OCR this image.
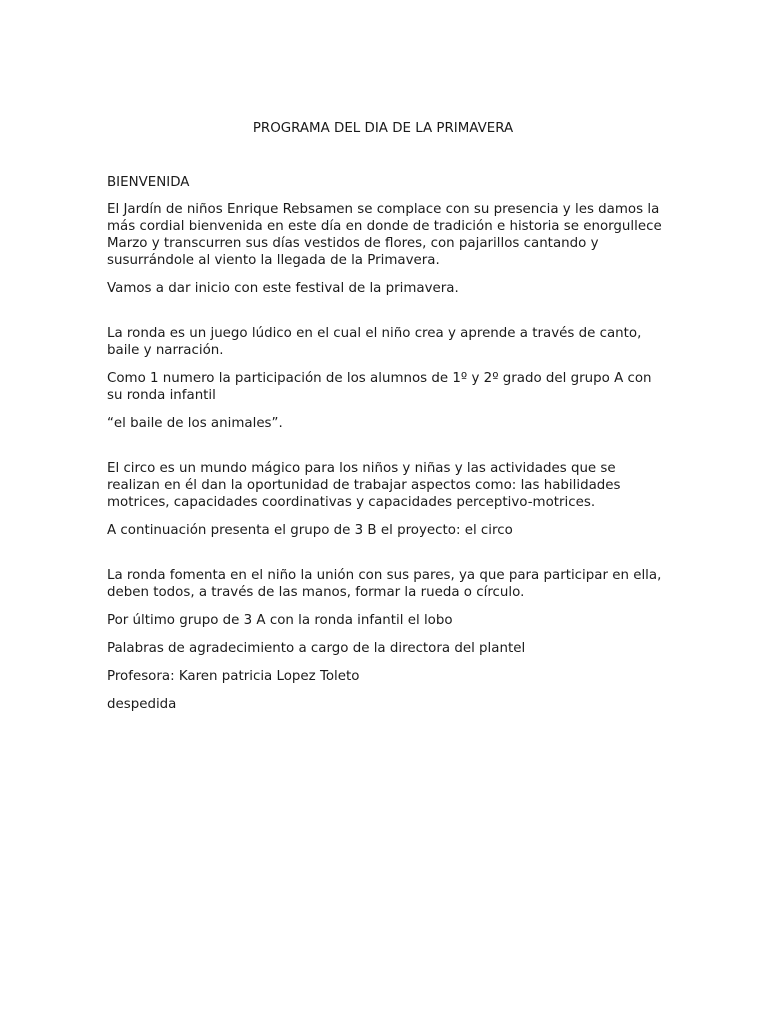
PROGRAMA DEL DIA DE LA PRIMAVERA

BIENVENIDA

El Jardín de niños Enrique Rebsamen se complace con su presencia y les damos la más cordial bienvenida en este día en donde de tradición e historia se enorgullece Marzo y transcurren sus días vestidos de flores, con pajarillos cantando y susurrándole al viento la llegada de la Primavera.

Vamos a dar inicio con este festival de la primavera.

La ronda es un juego lúdico en el cual el niño crea y aprende a través de canto, baile y narración.

Como 1 numero la participación de los alumnos de 1º y 2º grado del grupo A con su ronda infantil

“el baile de los animales”.

El circo es un mundo mágico para los niños y niñas y las actividades que se realizan en él dan la oportunidad de trabajar aspectos como: las habilidades motrices, capacidades coordinativas y capacidades perceptivo-motrices.

A continuación presenta el grupo de 3 B el proyecto: el circo

La ronda fomenta en el niño la unión con sus pares, ya que para participar en ella, deben todos, a través de las manos, formar la rueda o círculo.

Por último grupo de 3 A con la ronda infantil el lobo

Palabras de agradecimiento a cargo de la directora del plantel

Profesora: Karen patricia Lopez Toleto

despedida
